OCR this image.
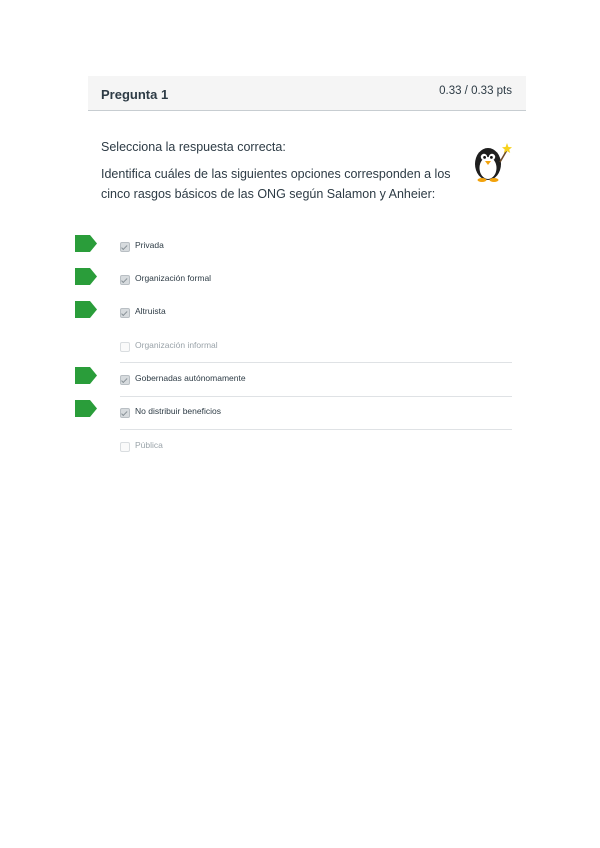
Pregunta 1	0.33 / 0.33 pts
Selecciona la respuesta correcta:
Identifica cuáles de las siguientes opciones corresponden a los
cinco rasgos básicos de las ONG según Salamon y Anheier:
Privada
Organización formal
Altruista
Organización informal
Gobernadas autónomamente
No distribuir beneficios
Pública
